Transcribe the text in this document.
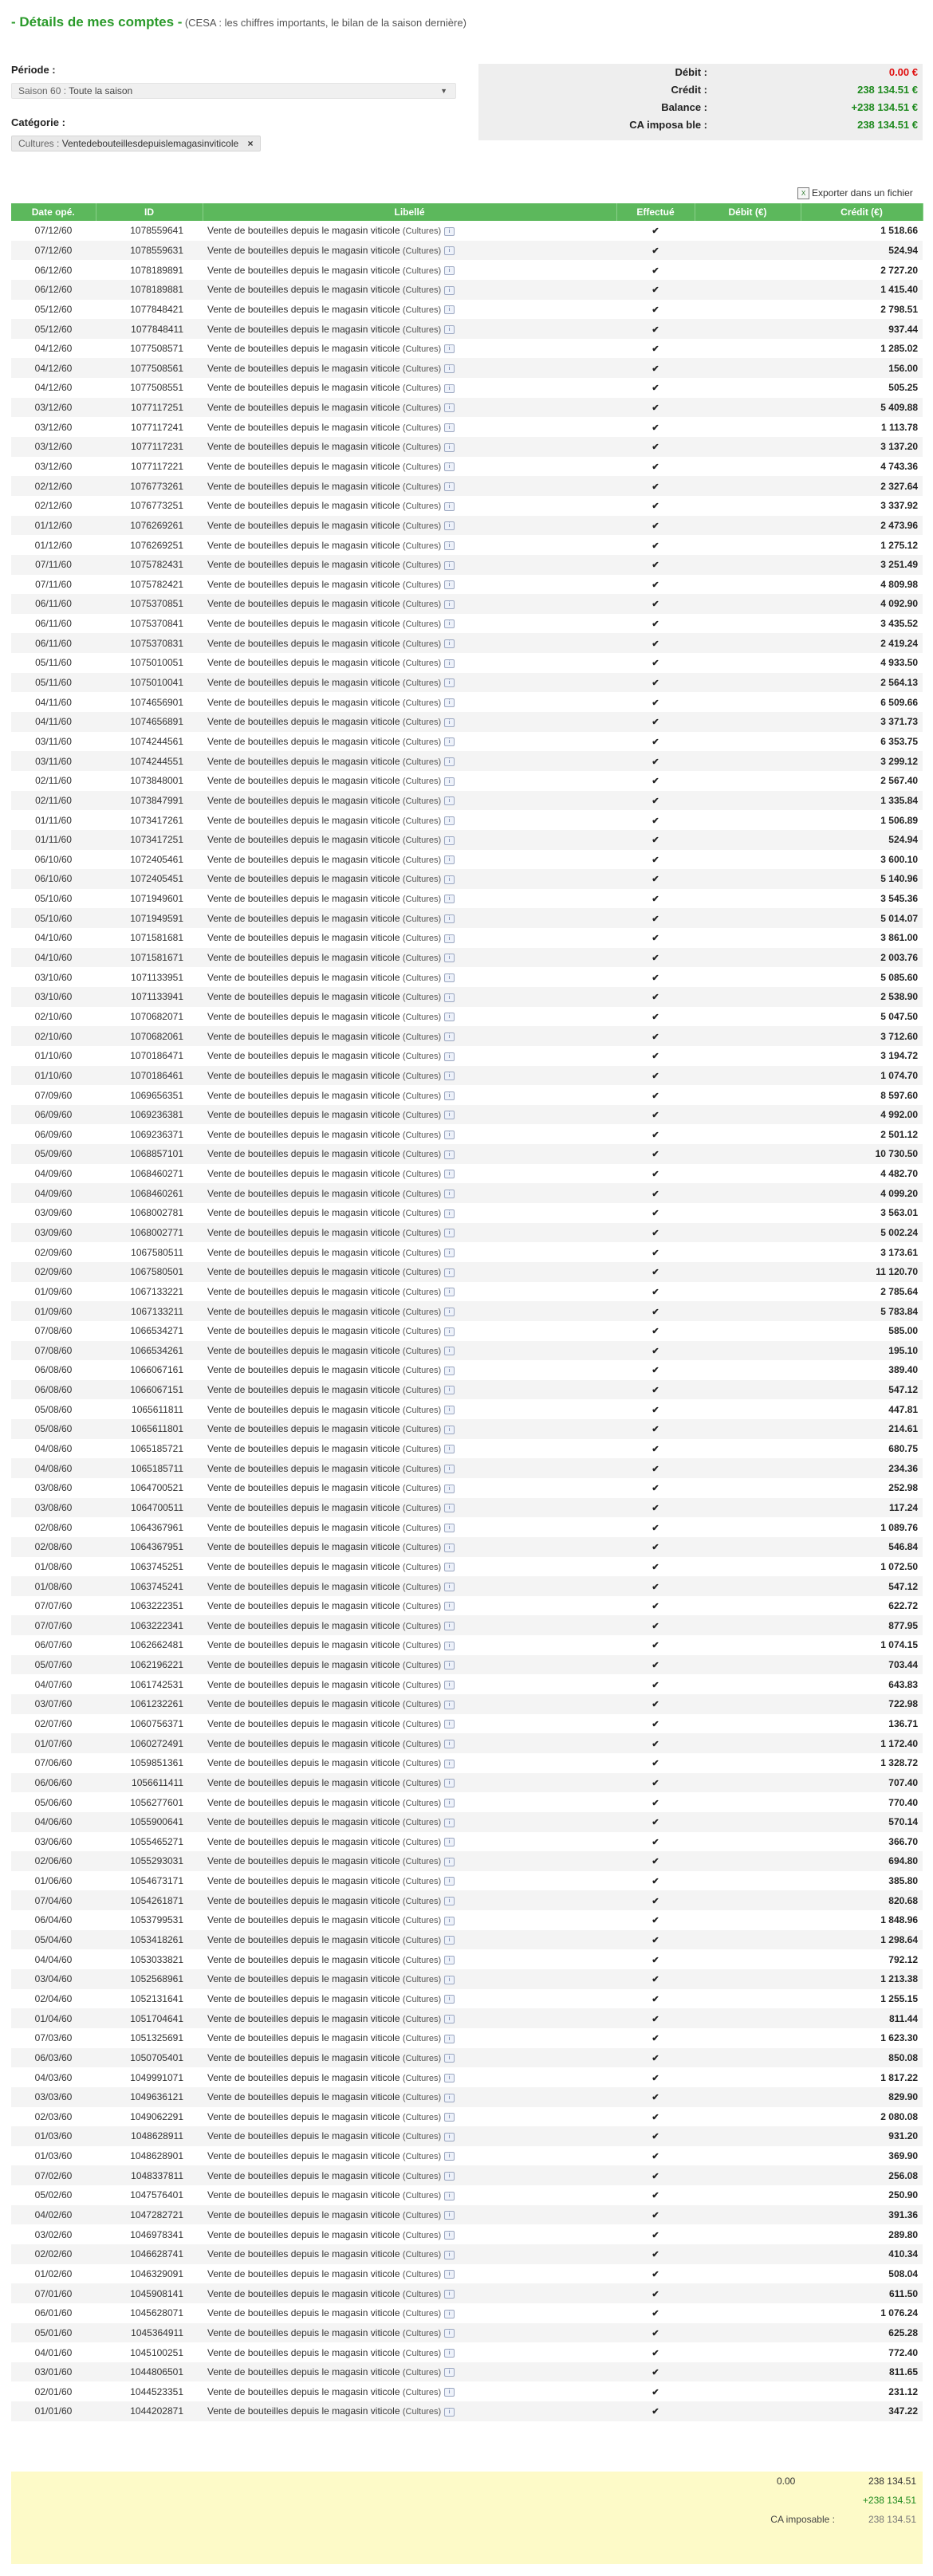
- Détails de mes comptes - (CESA : les chiffres importants, le bilan de la saison dernière)
Période :
Saison 60 : Toute la saison	▼
Catégorie :
Cultures : Ventedebouteillesdepuislemagasinviticole ×
Débit :	0.00 €
Crédit :	238 134.51 €
Balance :	+238 134.51 €
CA imposa ble :	238 134.51 €
X Exporter dans un fichier
Date opé.	ID	Libellé	Effectué	Débit (€)	Crédit (€)
07/12/60	1078559641	Vente de bouteilles depuis le magasin viticole (Cultures) i	✔		1 518.66
07/12/60	1078559631	Vente de bouteilles depuis le magasin viticole (Cultures) i	✔		524.94
06/12/60	1078189891	Vente de bouteilles depuis le magasin viticole (Cultures) i	✔		2 727.20
06/12/60	1078189881	Vente de bouteilles depuis le magasin viticole (Cultures) i	✔		1 415.40
05/12/60	1077848421	Vente de bouteilles depuis le magasin viticole (Cultures) i	✔		2 798.51
05/12/60	1077848411	Vente de bouteilles depuis le magasin viticole (Cultures) i	✔		937.44
04/12/60	1077508571	Vente de bouteilles depuis le magasin viticole (Cultures) i	✔		1 285.02
04/12/60	1077508561	Vente de bouteilles depuis le magasin viticole (Cultures) i	✔		156.00
04/12/60	1077508551	Vente de bouteilles depuis le magasin viticole (Cultures) i	✔		505.25
03/12/60	1077117251	Vente de bouteilles depuis le magasin viticole (Cultures) i	✔		5 409.88
03/12/60	1077117241	Vente de bouteilles depuis le magasin viticole (Cultures) i	✔		1 113.78
03/12/60	1077117231	Vente de bouteilles depuis le magasin viticole (Cultures) i	✔		3 137.20
03/12/60	1077117221	Vente de bouteilles depuis le magasin viticole (Cultures) i	✔		4 743.36
02/12/60	1076773261	Vente de bouteilles depuis le magasin viticole (Cultures) i	✔		2 327.64
02/12/60	1076773251	Vente de bouteilles depuis le magasin viticole (Cultures) i	✔		3 337.92
01/12/60	1076269261	Vente de bouteilles depuis le magasin viticole (Cultures) i	✔		2 473.96
01/12/60	1076269251	Vente de bouteilles depuis le magasin viticole (Cultures) i	✔		1 275.12
07/11/60	1075782431	Vente de bouteilles depuis le magasin viticole (Cultures) i	✔		3 251.49
07/11/60	1075782421	Vente de bouteilles depuis le magasin viticole (Cultures) i	✔		4 809.98
06/11/60	1075370851	Vente de bouteilles depuis le magasin viticole (Cultures) i	✔		4 092.90
06/11/60	1075370841	Vente de bouteilles depuis le magasin viticole (Cultures) i	✔		3 435.52
06/11/60	1075370831	Vente de bouteilles depuis le magasin viticole (Cultures) i	✔		2 419.24
05/11/60	1075010051	Vente de bouteilles depuis le magasin viticole (Cultures) i	✔		4 933.50
05/11/60	1075010041	Vente de bouteilles depuis le magasin viticole (Cultures) i	✔		2 564.13
04/11/60	1074656901	Vente de bouteilles depuis le magasin viticole (Cultures) i	✔		6 509.66
04/11/60	1074656891	Vente de bouteilles depuis le magasin viticole (Cultures) i	✔		3 371.73
03/11/60	1074244561	Vente de bouteilles depuis le magasin viticole (Cultures) i	✔		6 353.75
03/11/60	1074244551	Vente de bouteilles depuis le magasin viticole (Cultures) i	✔		3 299.12
02/11/60	1073848001	Vente de bouteilles depuis le magasin viticole (Cultures) i	✔		2 567.40
02/11/60	1073847991	Vente de bouteilles depuis le magasin viticole (Cultures) i	✔		1 335.84
01/11/60	1073417261	Vente de bouteilles depuis le magasin viticole (Cultures) i	✔		1 506.89
01/11/60	1073417251	Vente de bouteilles depuis le magasin viticole (Cultures) i	✔		524.94
06/10/60	1072405461	Vente de bouteilles depuis le magasin viticole (Cultures) i	✔		3 600.10
06/10/60	1072405451	Vente de bouteilles depuis le magasin viticole (Cultures) i	✔		5 140.96
05/10/60	1071949601	Vente de bouteilles depuis le magasin viticole (Cultures) i	✔		3 545.36
05/10/60	1071949591	Vente de bouteilles depuis le magasin viticole (Cultures) i	✔		5 014.07
04/10/60	1071581681	Vente de bouteilles depuis le magasin viticole (Cultures) i	✔		3 861.00
04/10/60	1071581671	Vente de bouteilles depuis le magasin viticole (Cultures) i	✔		2 003.76
03/10/60	1071133951	Vente de bouteilles depuis le magasin viticole (Cultures) i	✔		5 085.60
03/10/60	1071133941	Vente de bouteilles depuis le magasin viticole (Cultures) i	✔		2 538.90
02/10/60	1070682071	Vente de bouteilles depuis le magasin viticole (Cultures) i	✔		5 047.50
02/10/60	1070682061	Vente de bouteilles depuis le magasin viticole (Cultures) i	✔		3 712.60
01/10/60	1070186471	Vente de bouteilles depuis le magasin viticole (Cultures) i	✔		3 194.72
01/10/60	1070186461	Vente de bouteilles depuis le magasin viticole (Cultures) i	✔		1 074.70
07/09/60	1069656351	Vente de bouteilles depuis le magasin viticole (Cultures) i	✔		8 597.60
06/09/60	1069236381	Vente de bouteilles depuis le magasin viticole (Cultures) i	✔		4 992.00
06/09/60	1069236371	Vente de bouteilles depuis le magasin viticole (Cultures) i	✔		2 501.12
05/09/60	1068857101	Vente de bouteilles depuis le magasin viticole (Cultures) i	✔		10 730.50
04/09/60	1068460271	Vente de bouteilles depuis le magasin viticole (Cultures) i	✔		4 482.70
04/09/60	1068460261	Vente de bouteilles depuis le magasin viticole (Cultures) i	✔		4 099.20
03/09/60	1068002781	Vente de bouteilles depuis le magasin viticole (Cultures) i	✔		3 563.01
03/09/60	1068002771	Vente de bouteilles depuis le magasin viticole (Cultures) i	✔		5 002.24
02/09/60	1067580511	Vente de bouteilles depuis le magasin viticole (Cultures) i	✔		3 173.61
02/09/60	1067580501	Vente de bouteilles depuis le magasin viticole (Cultures) i	✔		11 120.70
01/09/60	1067133221	Vente de bouteilles depuis le magasin viticole (Cultures) i	✔		2 785.64
01/09/60	1067133211	Vente de bouteilles depuis le magasin viticole (Cultures) i	✔		5 783.84
07/08/60	1066534271	Vente de bouteilles depuis le magasin viticole (Cultures) i	✔		585.00
07/08/60	1066534261	Vente de bouteilles depuis le magasin viticole (Cultures) i	✔		195.10
06/08/60	1066067161	Vente de bouteilles depuis le magasin viticole (Cultures) i	✔		389.40
06/08/60	1066067151	Vente de bouteilles depuis le magasin viticole (Cultures) i	✔		547.12
05/08/60	1065611811	Vente de bouteilles depuis le magasin viticole (Cultures) i	✔		447.81
05/08/60	1065611801	Vente de bouteilles depuis le magasin viticole (Cultures) i	✔		214.61
04/08/60	1065185721	Vente de bouteilles depuis le magasin viticole (Cultures) i	✔		680.75
04/08/60	1065185711	Vente de bouteilles depuis le magasin viticole (Cultures) i	✔		234.36
03/08/60	1064700521	Vente de bouteilles depuis le magasin viticole (Cultures) i	✔		252.98
03/08/60	1064700511	Vente de bouteilles depuis le magasin viticole (Cultures) i	✔		117.24
02/08/60	1064367961	Vente de bouteilles depuis le magasin viticole (Cultures) i	✔		1 089.76
02/08/60	1064367951	Vente de bouteilles depuis le magasin viticole (Cultures) i	✔		546.84
01/08/60	1063745251	Vente de bouteilles depuis le magasin viticole (Cultures) i	✔		1 072.50
01/08/60	1063745241	Vente de bouteilles depuis le magasin viticole (Cultures) i	✔		547.12
07/07/60	1063222351	Vente de bouteilles depuis le magasin viticole (Cultures) i	✔		622.72
07/07/60	1063222341	Vente de bouteilles depuis le magasin viticole (Cultures) i	✔		877.95
06/07/60	1062662481	Vente de bouteilles depuis le magasin viticole (Cultures) i	✔		1 074.15
05/07/60	1062196221	Vente de bouteilles depuis le magasin viticole (Cultures) i	✔		703.44
04/07/60	1061742531	Vente de bouteilles depuis le magasin viticole (Cultures) i	✔		643.83
03/07/60	1061232261	Vente de bouteilles depuis le magasin viticole (Cultures) i	✔		722.98
02/07/60	1060756371	Vente de bouteilles depuis le magasin viticole (Cultures) i	✔		136.71
01/07/60	1060272491	Vente de bouteilles depuis le magasin viticole (Cultures) i	✔		1 172.40
07/06/60	1059851361	Vente de bouteilles depuis le magasin viticole (Cultures) i	✔		1 328.72
06/06/60	1056611411	Vente de bouteilles depuis le magasin viticole (Cultures) i	✔		707.40
05/06/60	1056277601	Vente de bouteilles depuis le magasin viticole (Cultures) i	✔		770.40
04/06/60	1055900641	Vente de bouteilles depuis le magasin viticole (Cultures) i	✔		570.14
03/06/60	1055465271	Vente de bouteilles depuis le magasin viticole (Cultures) i	✔		366.70
02/06/60	1055293031	Vente de bouteilles depuis le magasin viticole (Cultures) i	✔		694.80
01/06/60	1054673171	Vente de bouteilles depuis le magasin viticole (Cultures) i	✔		385.80
07/04/60	1054261871	Vente de bouteilles depuis le magasin viticole (Cultures) i	✔		820.68
06/04/60	1053799531	Vente de bouteilles depuis le magasin viticole (Cultures) i	✔		1 848.96
05/04/60	1053418261	Vente de bouteilles depuis le magasin viticole (Cultures) i	✔		1 298.64
04/04/60	1053033821	Vente de bouteilles depuis le magasin viticole (Cultures) i	✔		792.12
03/04/60	1052568961	Vente de bouteilles depuis le magasin viticole (Cultures) i	✔		1 213.38
02/04/60	1052131641	Vente de bouteilles depuis le magasin viticole (Cultures) i	✔		1 255.15
01/04/60	1051704641	Vente de bouteilles depuis le magasin viticole (Cultures) i	✔		811.44
07/03/60	1051325691	Vente de bouteilles depuis le magasin viticole (Cultures) i	✔		1 623.30
06/03/60	1050705401	Vente de bouteilles depuis le magasin viticole (Cultures) i	✔		850.08
04/03/60	1049991071	Vente de bouteilles depuis le magasin viticole (Cultures) i	✔		1 817.22
03/03/60	1049636121	Vente de bouteilles depuis le magasin viticole (Cultures) i	✔		829.90
02/03/60	1049062291	Vente de bouteilles depuis le magasin viticole (Cultures) i	✔		2 080.08
01/03/60	1048628911	Vente de bouteilles depuis le magasin viticole (Cultures) i	✔		931.20
01/03/60	1048628901	Vente de bouteilles depuis le magasin viticole (Cultures) i	✔		369.90
07/02/60	1048337811	Vente de bouteilles depuis le magasin viticole (Cultures) i	✔		256.08
05/02/60	1047576401	Vente de bouteilles depuis le magasin viticole (Cultures) i	✔		250.90
04/02/60	1047282721	Vente de bouteilles depuis le magasin viticole (Cultures) i	✔		391.36
03/02/60	1046978341	Vente de bouteilles depuis le magasin viticole (Cultures) i	✔		289.80
02/02/60	1046628741	Vente de bouteilles depuis le magasin viticole (Cultures) i	✔		410.34
01/02/60	1046329091	Vente de bouteilles depuis le magasin viticole (Cultures) i	✔		508.04
07/01/60	1045908141	Vente de bouteilles depuis le magasin viticole (Cultures) i	✔		611.50
06/01/60	1045628071	Vente de bouteilles depuis le magasin viticole (Cultures) i	✔		1 076.24
05/01/60	1045364911	Vente de bouteilles depuis le magasin viticole (Cultures) i	✔		625.28
04/01/60	1045100251	Vente de bouteilles depuis le magasin viticole (Cultures) i	✔		772.40
03/01/60	1044806501	Vente de bouteilles depuis le magasin viticole (Cultures) i	✔		811.65
02/01/60	1044523351	Vente de bouteilles depuis le magasin viticole (Cultures) i	✔		231.12
01/01/60	1044202871	Vente de bouteilles depuis le magasin viticole (Cultures) i	✔		347.22
0.00	238 134.51
+238 134.51
CA imposable :	238 134.51
